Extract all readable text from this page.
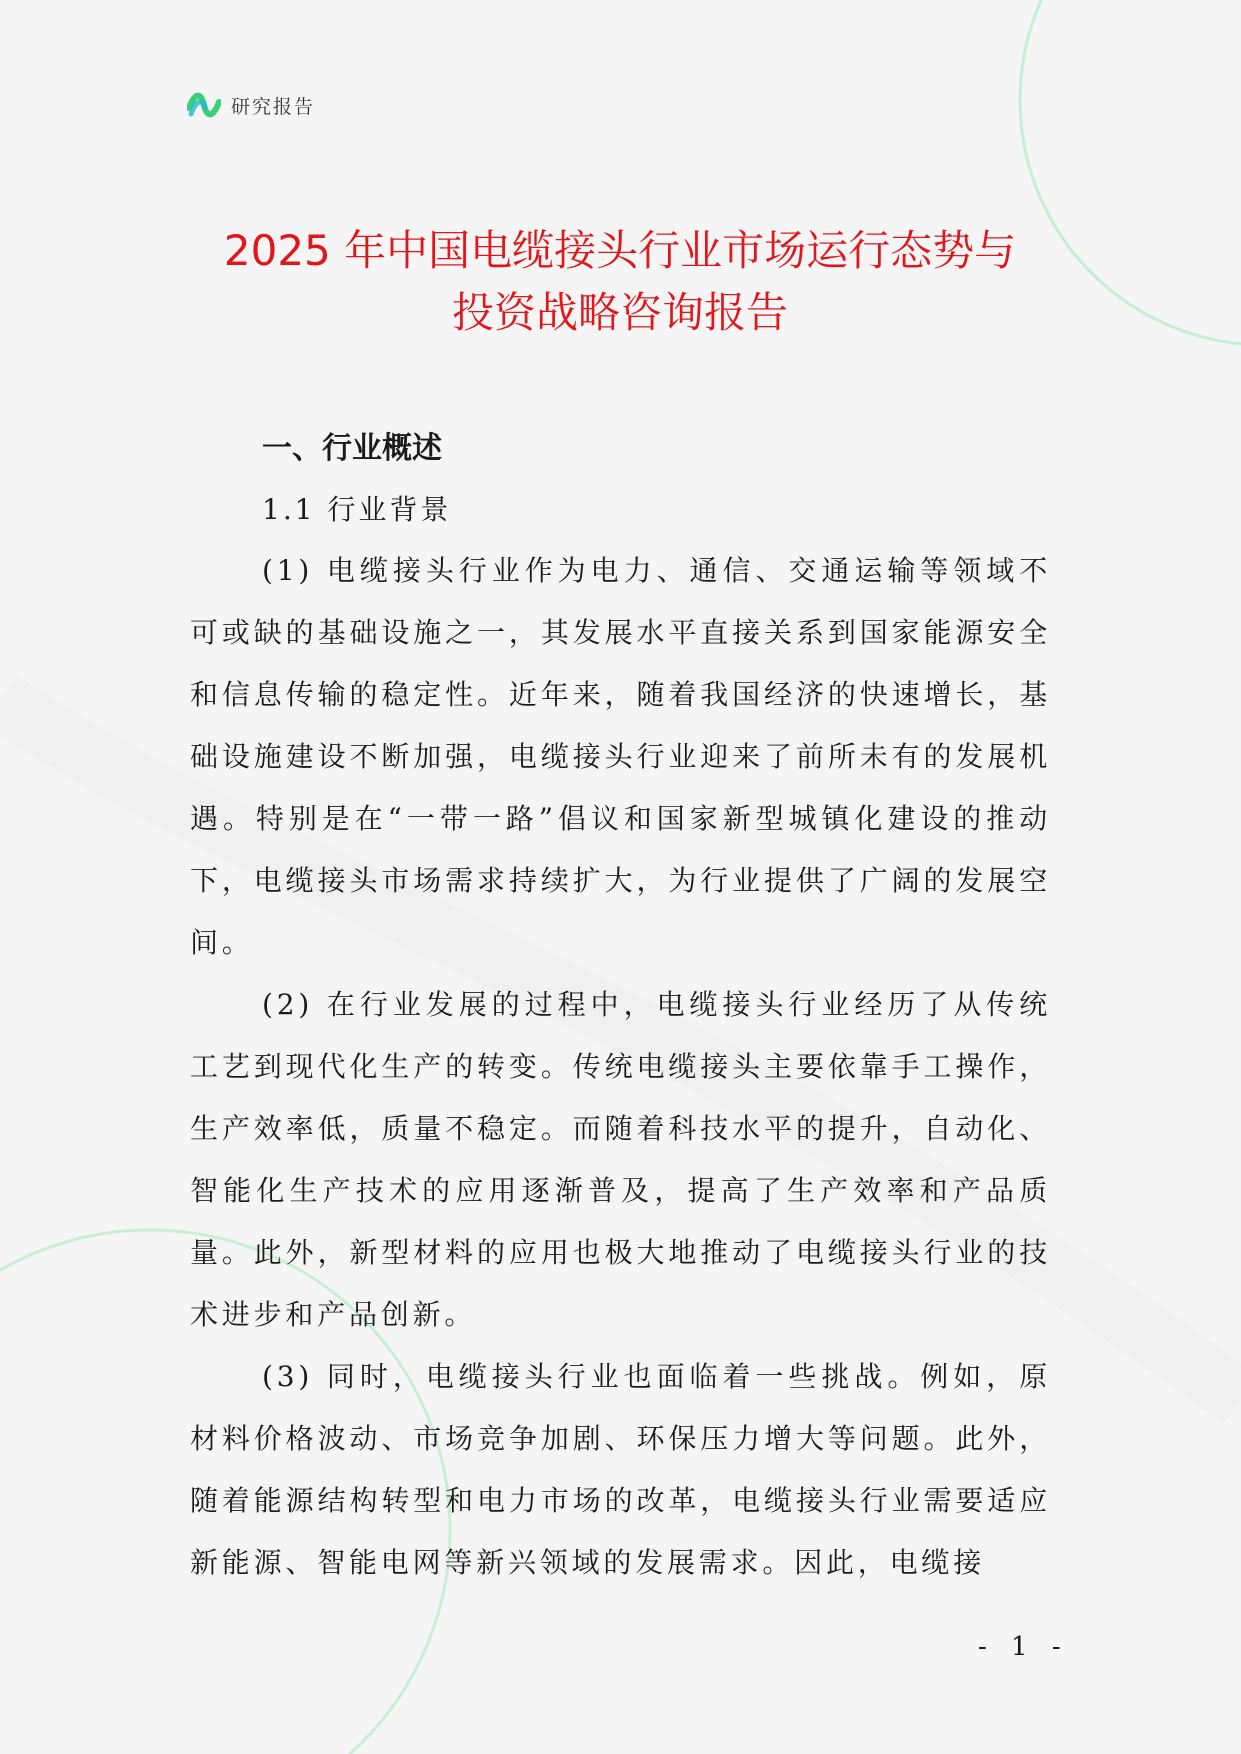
研究报告
2025 年中国电缆接头行业市场运行态势与
投资战略咨询报告
一、行业概述
1.1 行业背景

(1) 电缆接头行业作为电力、通信、交通运输等领域不可或缺的基础设施之一，其发展水平直接关系到国家能源安全和信息传输的稳定性。近年来，随着我国经济的快速增长，基础设施建设不断加强，电缆接头行业迎来了前所未有的发展机遇。特别是在“一带一路”倡议和国家新型城镇化建设的推动下，电缆接头市场需求持续扩大，为行业提供了广阔的发展空间。

(2) 在行业发展的过程中，电缆接头行业经历了从传统工艺到现代化生产的转变。传统电缆接头主要依靠手工操作，生产效率低，质量不稳定。而随着科技水平的提升，自动化、智能化生产技术的应用逐渐普及，提高了生产效率和产品质量。此外，新型材料的应用也极大地推动了电缆接头行业的技术进步和产品创新。

(3) 同时，电缆接头行业也面临着一些挑战。例如，原材料价格波动、市场竞争加剧、环保压力增大等问题。此外，随着能源结构转型和电力市场的改革，电缆接头行业需要适应新能源、智能电网等新兴领域的发展需求。因此，电缆接

- 1 -
